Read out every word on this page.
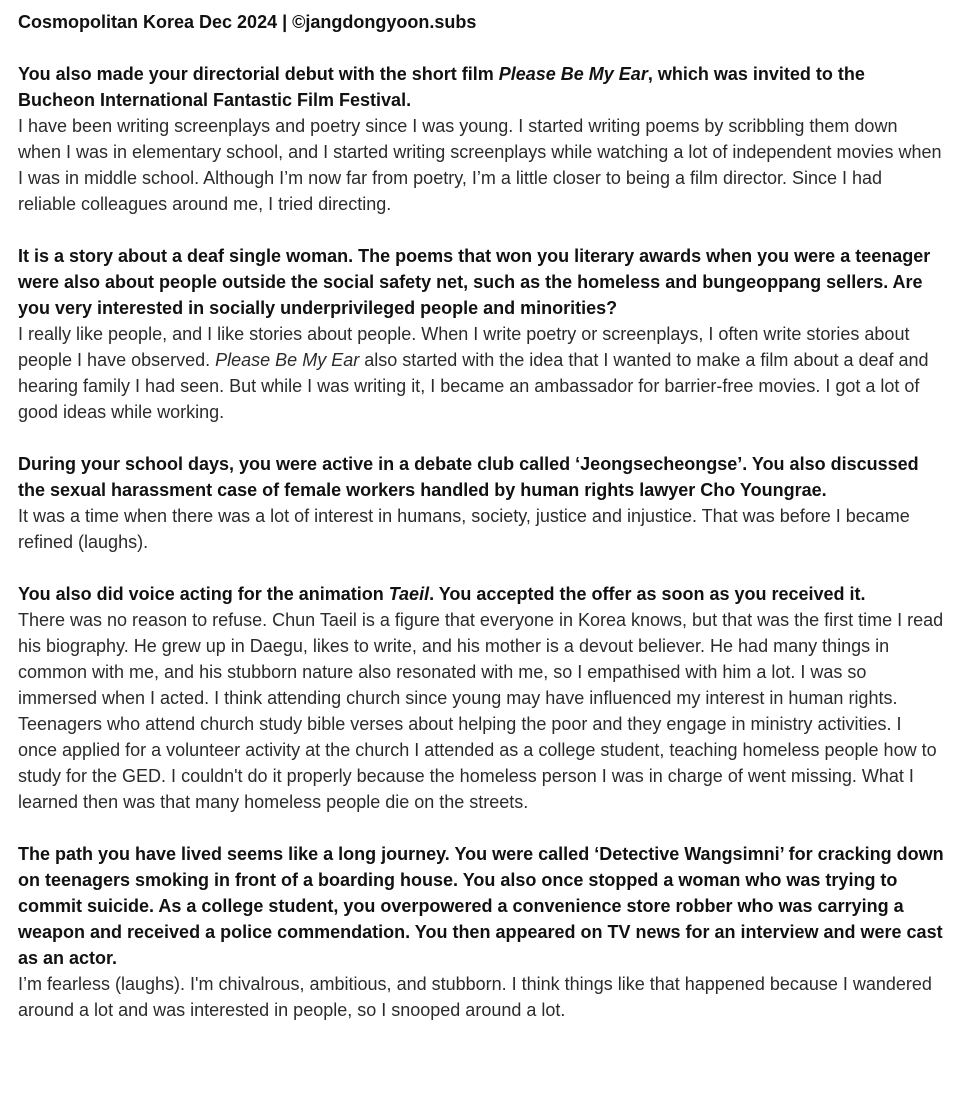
Cosmopolitan Korea Dec 2024 | ©jangdongyoon.subs

You also made your directorial debut with the short film Please Be My Ear, which was invited to the Bucheon International Fantastic Film Festival.

I have been writing screenplays and poetry since I was young. I started writing poems by scribbling them down when I was in elementary school, and I started writing screenplays while watching a lot of independent movies when I was in middle school. Although I’m now far from poetry, I’m a little closer to being a film director. Since I had reliable colleagues around me, I tried directing.

It is a story about a deaf single woman. The poems that won you literary awards when you were a teenager were also about people outside the social safety net, such as the homeless and bungeoppang sellers. Are you very interested in socially underprivileged people and minorities?

I really like people, and I like stories about people. When I write poetry or screenplays, I often write stories about people I have observed. Please Be My Ear also started with the idea that I wanted to make a film about a deaf and hearing family I had seen. But while I was writing it, I became an ambassador for barrier-free movies. I got a lot of good ideas while working.

During your school days, you were active in a debate club called ‘Jeongsecheongse’. You also discussed the sexual harassment case of female workers handled by human rights lawyer Cho Youngrae.

It was a time when there was a lot of interest in humans, society, justice and injustice. That was before I became refined (laughs).

You also did voice acting for the animation Taeil. You accepted the offer as soon as you received it.

There was no reason to refuse. Chun Taeil is a figure that everyone in Korea knows, but that was the first time I read his biography. He grew up in Daegu, likes to write, and his mother is a devout believer. He had many things in common with me, and his stubborn nature also resonated with me, so I empathised with him a lot. I was so immersed when I acted. I think attending church since young may have influenced my interest in human rights. Teenagers who attend church study bible verses about helping the poor and they engage in ministry activities. I once applied for a volunteer activity at the church I attended as a college student, teaching homeless people how to study for the GED. I couldn't do it properly because the homeless person I was in charge of went missing. What I learned then was that many homeless people die on the streets.

The path you have lived seems like a long journey. You were called ‘Detective Wangsimni’ for cracking down on teenagers smoking in front of a boarding house. You also once stopped a woman who was trying to commit suicide. As a college student, you overpowered a convenience store robber who was carrying a weapon and received a police commendation. You then appeared on TV news for an interview and were cast as an actor.

I’m fearless (laughs). I'm chivalrous, ambitious, and stubborn. I think things like that happened because I wandered around a lot and was interested in people, so I snooped around a lot.
